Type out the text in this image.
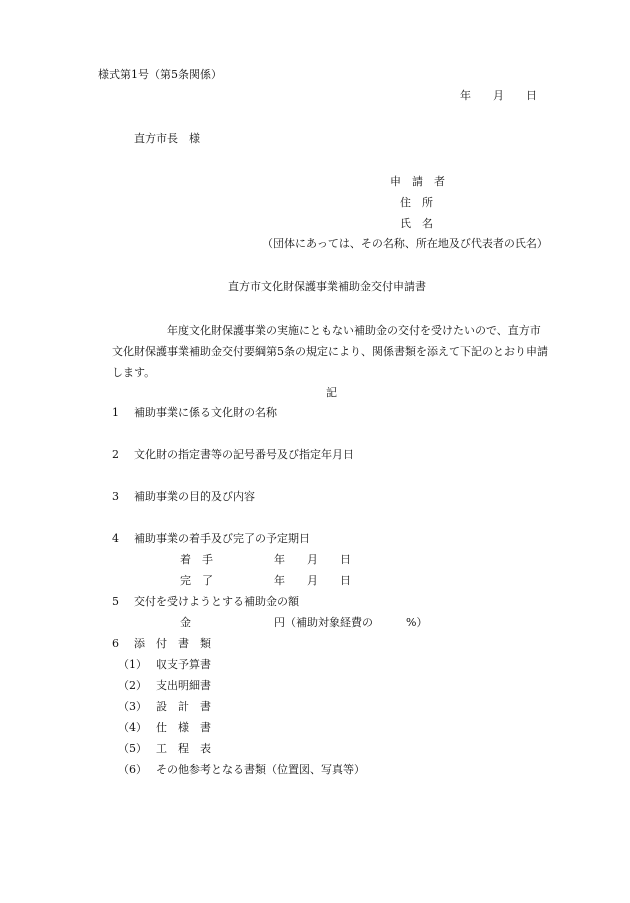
様式第1号（第5条関係）
年　　月　　日
直方市長　様
申　請　者
住　所
氏　名
（団体にあっては、その名称、所在地及び代表者の氏名）
直方市文化財保護事業補助金交付申請書
年度文化財保護事業の実施にともない補助金の交付を受けたいので、直方市文化財保護事業補助金交付要綱第5条の規定により、関係書類を添えて下記のとおり申請します。
記
1 補助事業に係る文化財の名称
2 文化財の指定書等の記号番号及び指定年月日
3 補助事業の目的及び内容
4 補助事業の着手及び完了の予定期日
着　手	年　　月　　日
完　了	年　　月　　日
5 交付を受けようとする補助金の額
金	円（補助対象経費の　　　%）
6 添　付　書　類
（1） 収支予算書
（2） 支出明細書
（3） 設　計　書
（4） 仕　様　書
（5） 工　程　表
（6） その他参考となる書類（位置図、写真等）
